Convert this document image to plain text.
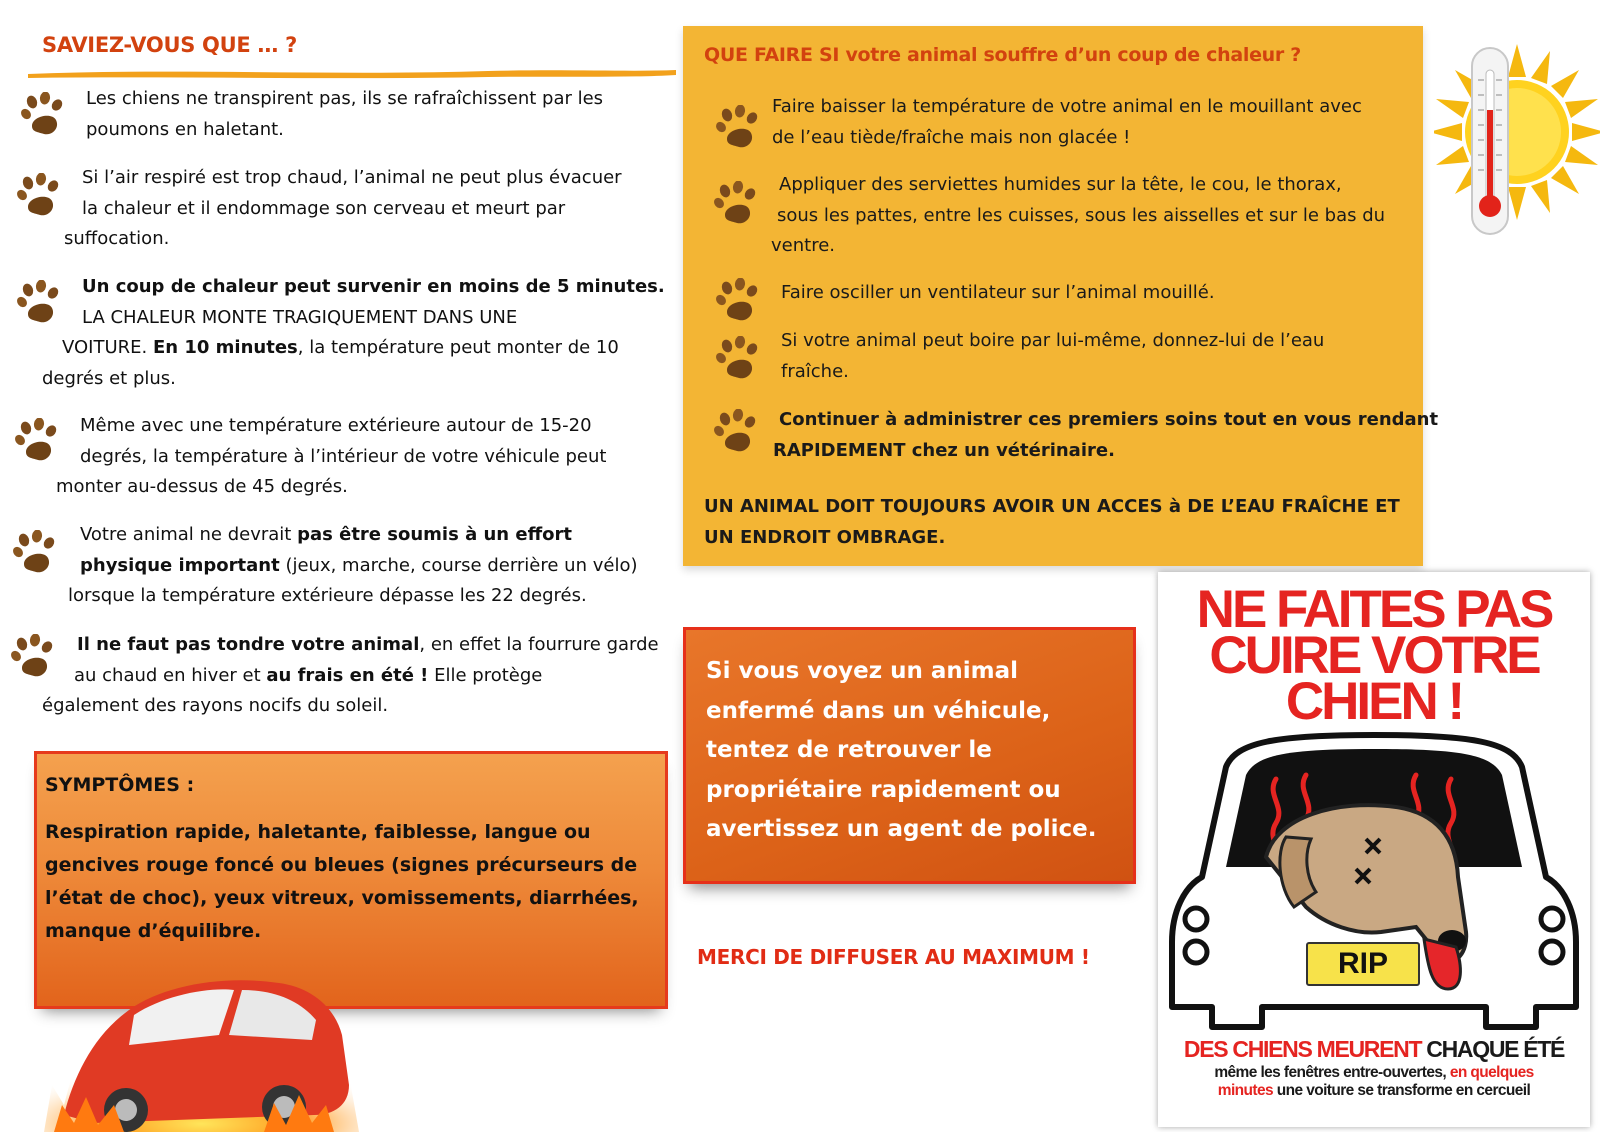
SAVIEZ-VOUS QUE … ?
Les chiens ne transpirent pas, ils se rafraîchissent par les
poumons en haletant.
Si l’air respiré est trop chaud, l’animal ne peut plus évacuer
la chaleur et il endommage son cerveau et meurt par
suffocation.
Un coup de chaleur peut survenir en moins de 5 minutes.
LA CHALEUR MONTE TRAGIQUEMENT DANS UNE
VOITURE. En 10 minutes, la température peut monter de 10
degrés et plus.
Même avec une température extérieure autour de 15-20
degrés, la température à l’intérieur de votre véhicule peut
monter au-dessus de 45 degrés.
Votre animal ne devrait pas être soumis à un effort
physique important (jeux, marche, course derrière un vélo)
lorsque la température extérieure dépasse les 22 degrés.
Il ne faut pas tondre votre animal, en effet la fourrure garde
au chaud en hiver et au frais en été ! Elle protège
également des rayons nocifs du soleil.
SYMPTÔMES :
Respiration rapide, haletante, faiblesse, langue ou gencives rouge foncé ou bleues (signes précurseurs de l’état de choc), yeux vitreux, vomissements, diarrhées, manque d’équilibre.
QUE FAIRE SI votre animal souffre d’un coup de chaleur ?
Faire baisser la température de votre animal en le mouillant avec
de l’eau tiède/fraîche mais non glacée !
Appliquer des serviettes humides sur la tête, le cou, le thorax,
sous les pattes, entre les cuisses, sous les aisselles et sur le bas du
ventre.
Faire osciller un ventilateur sur l’animal mouillé.
Si votre animal peut boire par lui-même, donnez-lui de l’eau
fraîche.
Continuer à administrer ces premiers soins tout en vous rendant
RAPIDEMENT chez un vétérinaire.
UN ANIMAL DOIT TOUJOURS AVOIR UN ACCES à DE L’EAU FRAÎCHE ET
UN ENDROIT OMBRAGE.
Si vous voyez un animal
enfermé dans un véhicule,
tentez de retrouver le
propriétaire rapidement ou
avertissez un agent de police.
MERCI DE DIFFUSER AU MAXIMUM !
NE FAITES PAS
CUIRE VOTRE
CHIEN !
RIP
DES CHIENS MEURENT CHAQUE ÉTÉ
même les fenêtres entre-ouvertes, en quelques
minutes une voiture se transforme en cercueil
